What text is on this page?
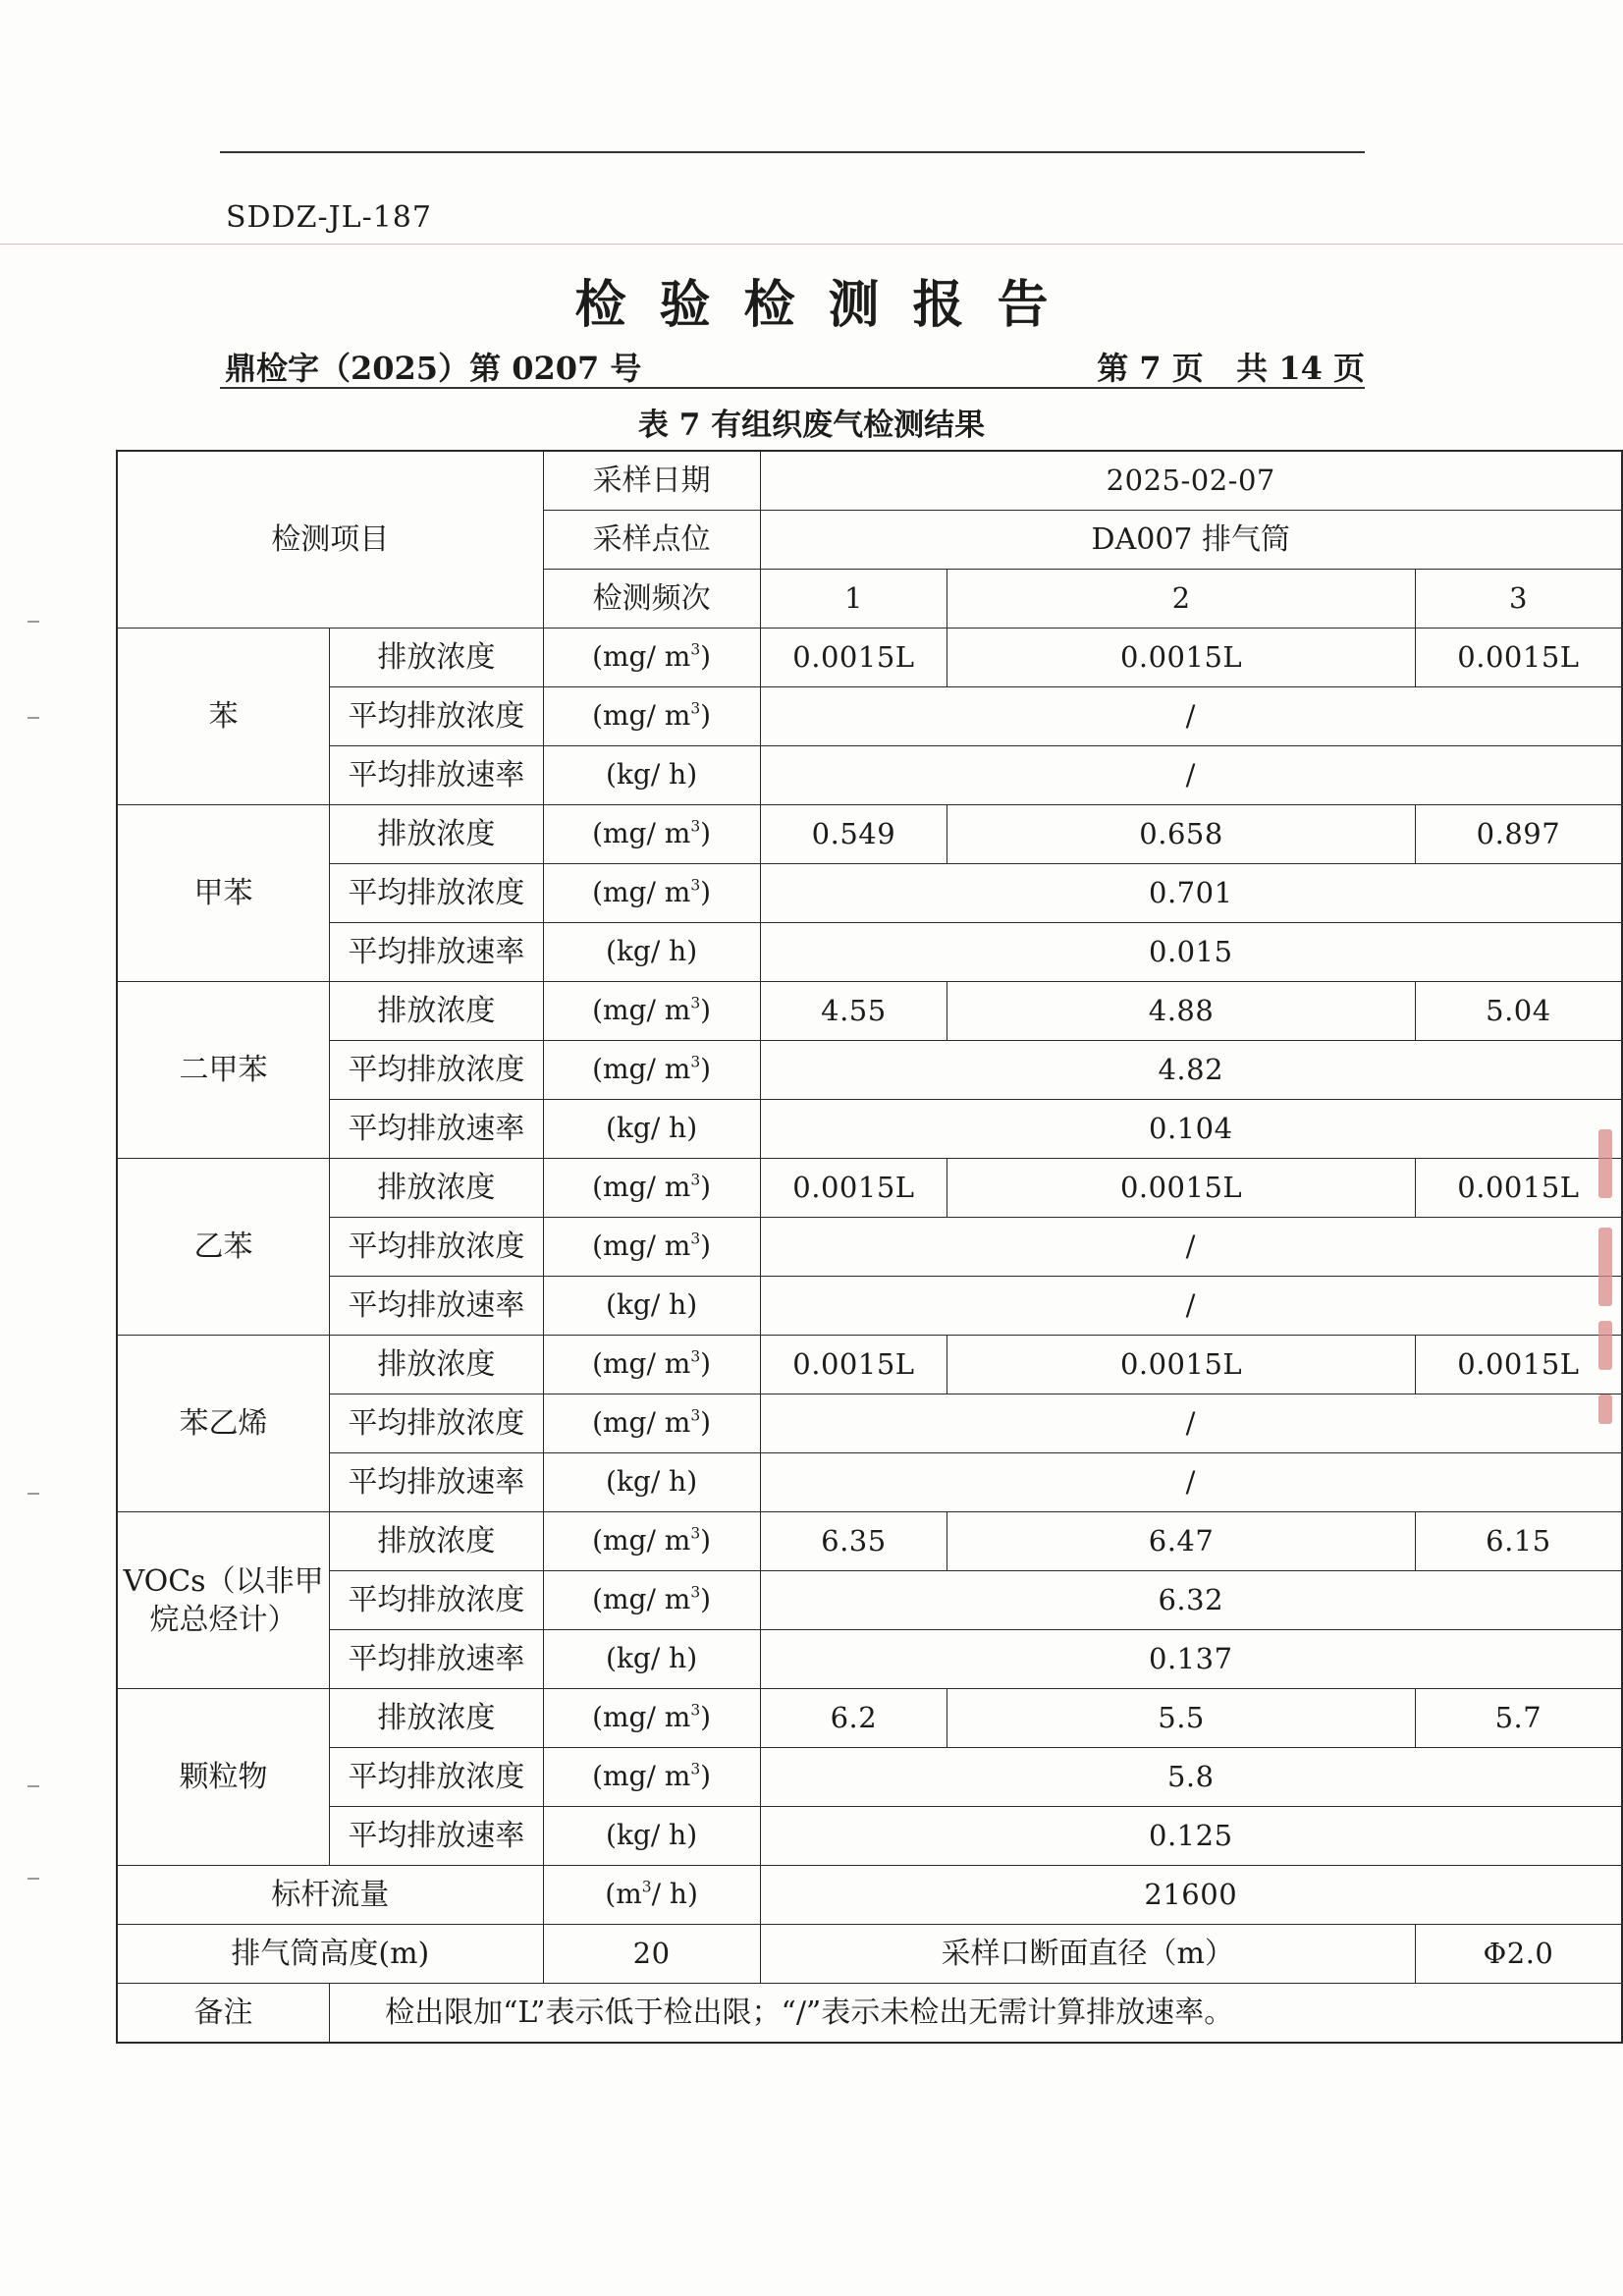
SDDZ-JL-187
检验检测报告
鼎检字（2025）第 0207 号	第 7 页   共 14 页
表 7 有组织废气检测结果
检测项目		采样日期	2025-02-07		
		采样点位	DA007 排气筒		
		检测频次	1	2	3
苯	排放浓度	(mg/ $m^3$)	0.0015L	0.0015L	0.0015L
	平均排放浓度	(mg/ $m^3$)	/		
	平均排放速率	(kg/ h)	/		
甲苯	排放浓度	(mg/ $m^3$)	0.549	0.658	0.897
	平均排放浓度	(mg/ $m^3$)	0.701		
	平均排放速率	(kg/ h)	0.015		
二甲苯	排放浓度	(mg/ $m^3$)	4.55	4.88	5.04
	平均排放浓度	(mg/ $m^3$)	4.82		
	平均排放速率	(kg/ h)	0.104		
乙苯	排放浓度	(mg/ $m^3$)	0.0015L	0.0015L	0.0015L
	平均排放浓度	(mg/ $m^3$)	/		
	平均排放速率	(kg/ h)	/		
苯乙烯	排放浓度	(mg/ $m^3$)	0.0015L	0.0015L	0.0015L
	平均排放浓度	(mg/ $m^3$)	/		
	平均排放速率	(kg/ h)	/		
VOCs（以非甲烷总烃计）	排放浓度	(mg/ $m^3$)	6.35	6.47	6.15
	平均排放浓度	(mg/ $m^3$)	6.32		
	平均排放速率	(kg/ h)	0.137		
颗粒物	排放浓度	(mg/ $m^3$)	6.2	5.5	5.7
	平均排放浓度	(mg/ $m^3$)	5.8		
	平均排放速率	(kg/ h)	0.125		
标杆流量		($m^3/$ h)	21600		
排气筒高度(m)		20	采样口断面直径（m）		Φ2.0
备注	检出限加“L”表示低于检出限；“/”表示未检出无需计算排放速率。				
